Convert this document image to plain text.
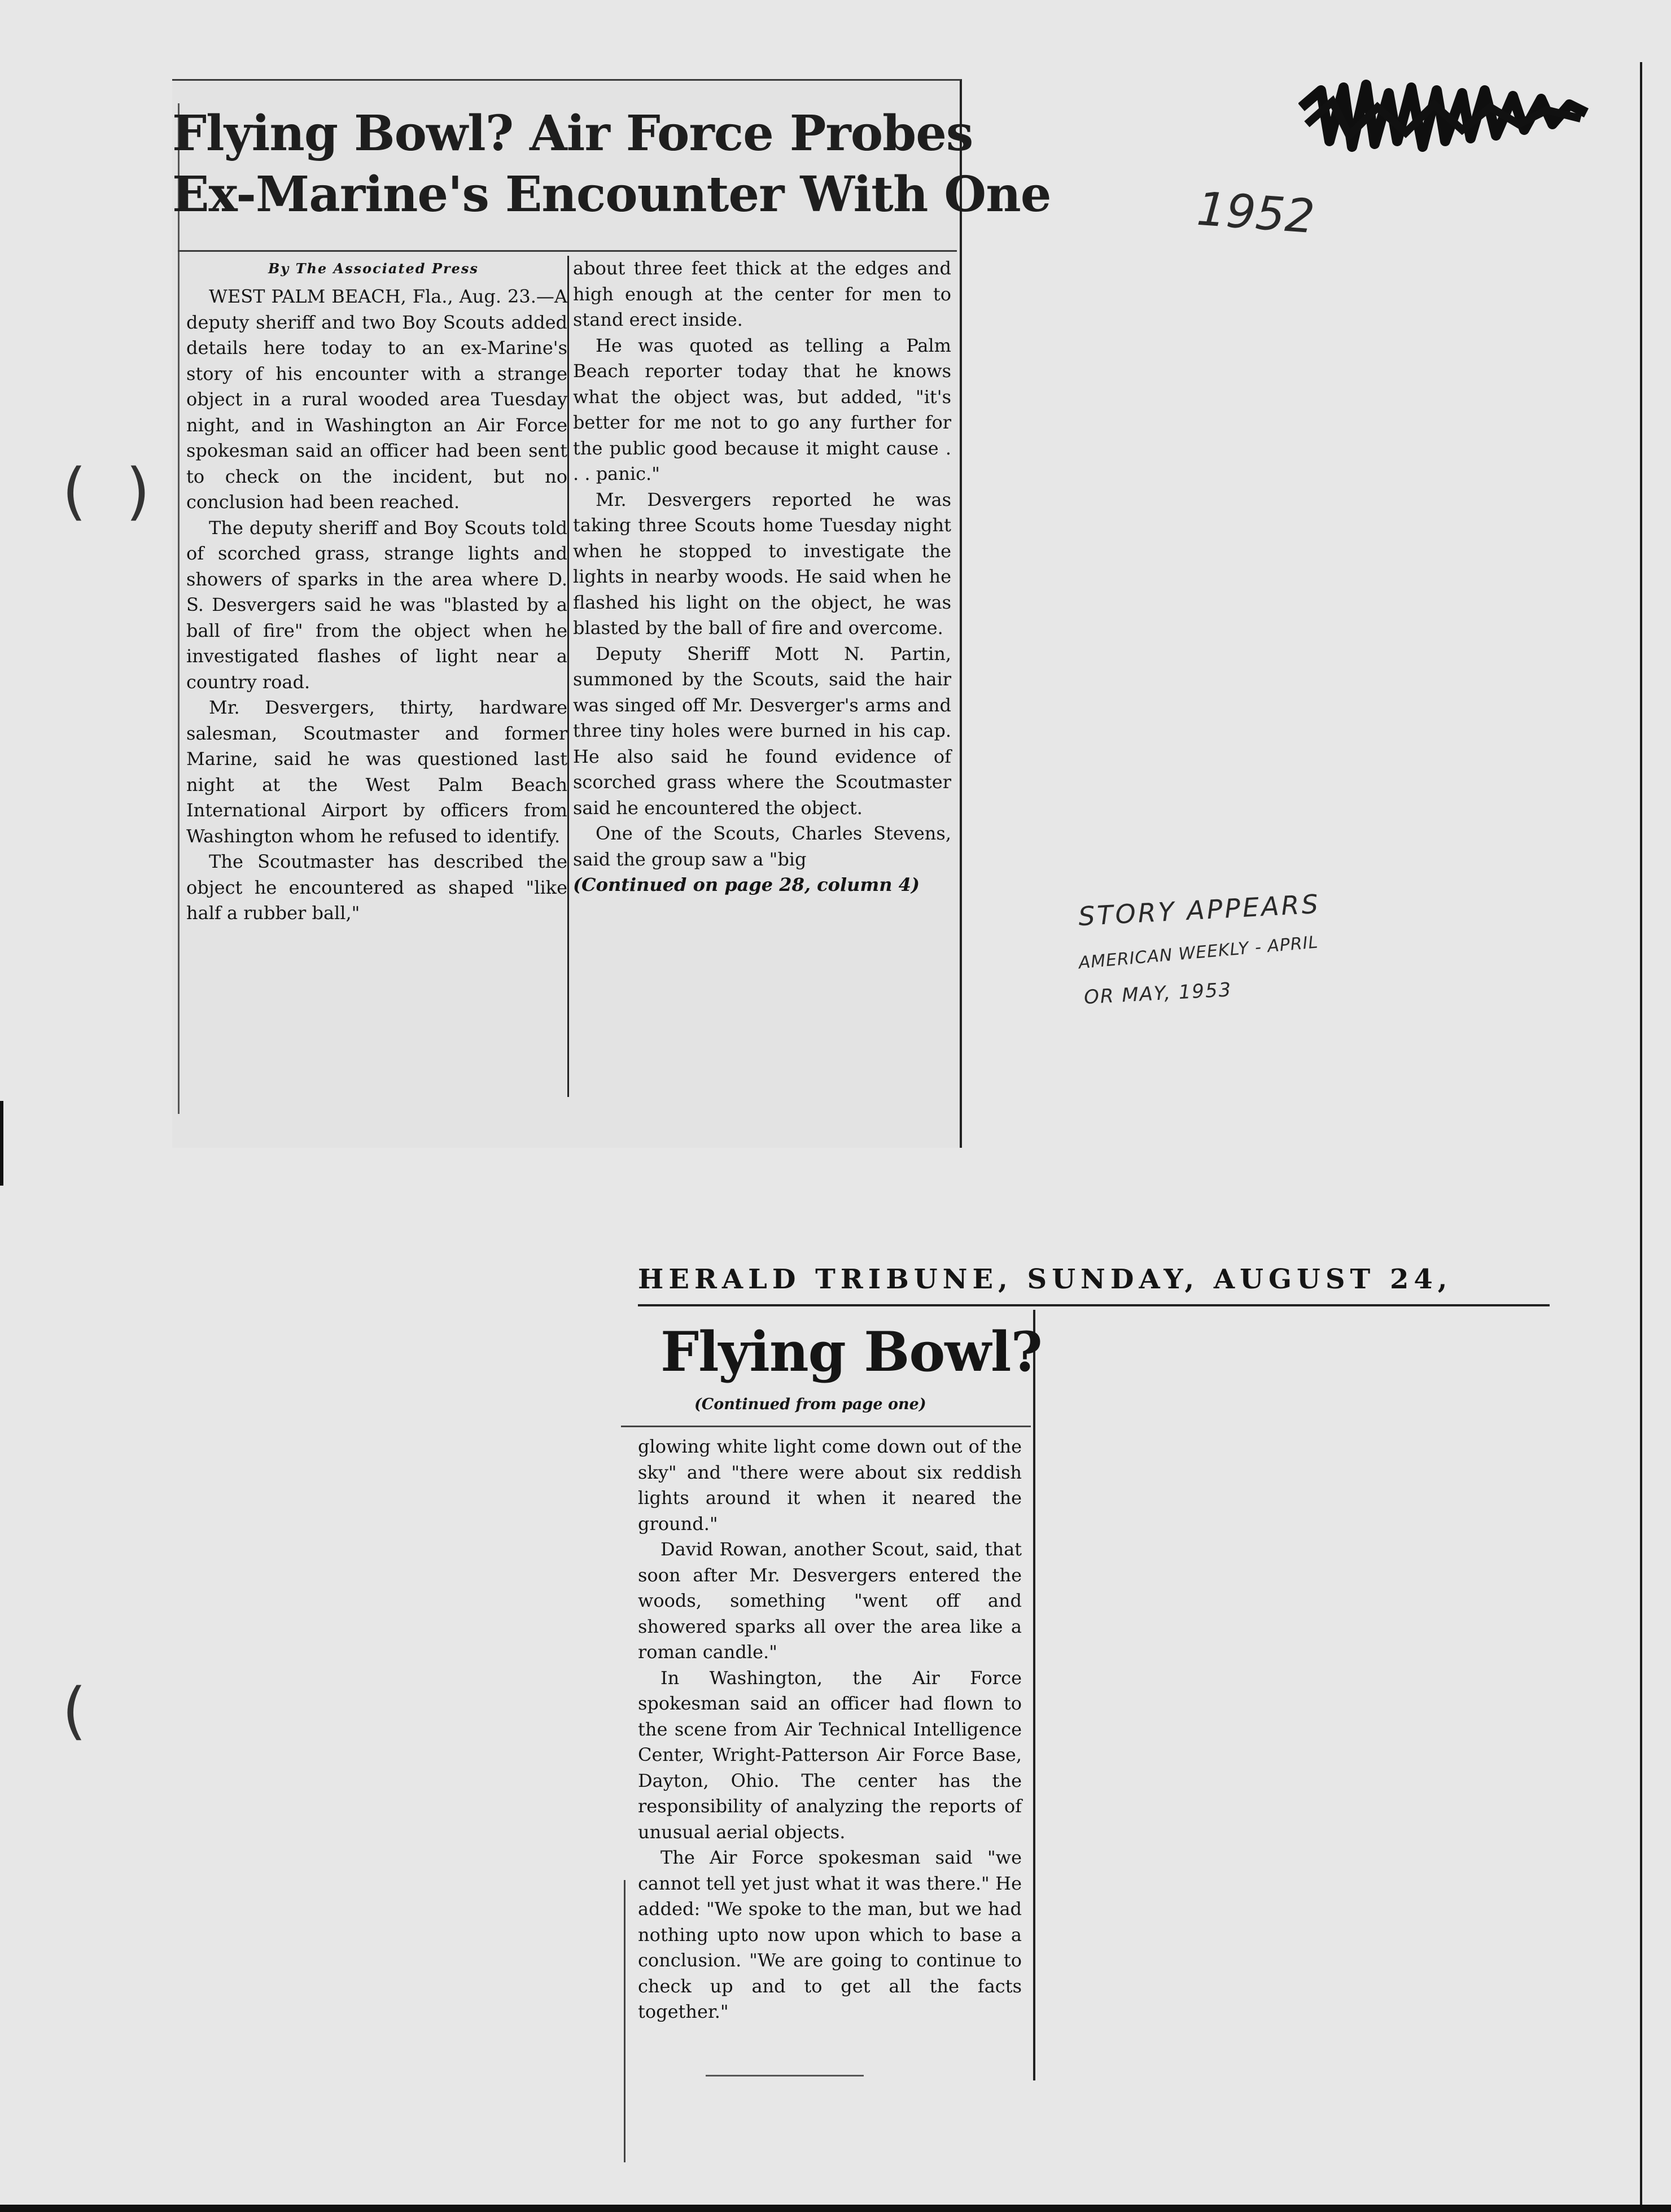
(  )
(
Flying Bowl? Air Force Probes
Ex-Marine's Encounter With One
By The Associated Press

WEST PALM BEACH, Fla., Aug. 23.—A deputy sheriff and two Boy Scouts added details here today to an ex-Marine's story of his encounter with a strange object in a rural wooded area Tuesday night, and in Washington an Air Force spokesman said an officer had been sent to check on the incident, but no conclusion had been reached.

The deputy sheriff and Boy Scouts told of scorched grass, strange lights and showers of sparks in the area where D. S. Desvergers said he was "blasted by a ball of fire" from the object when he investigated flashes of light near a country road.

Mr. Desvergers, thirty, hardware salesman, Scoutmaster and former Marine, said he was questioned last night at the West Palm Beach International Airport by officers from Washington whom he refused to identify.

The Scoutmaster has described the object he encountered as shaped "like half a rubber ball,"

about three feet thick at the edges and high enough at the center for men to stand erect inside.

He was quoted as telling a Palm Beach reporter today that he knows what the object was, but added, "it's better for me not to go any further for the public good because it might cause . . . panic."

Mr. Desvergers reported he was taking three Scouts home Tuesday night when he stopped to investigate the lights in nearby woods. He said when he flashed his light on the object, he was blasted by the ball of fire and overcome.

Deputy Sheriff Mott N. Partin, summoned by the Scouts, said the hair was singed off Mr. Desverger's arms and three tiny holes were burned in his cap. He also said he found evidence of scorched grass where the Scoutmaster said he encountered the object.

One of the Scouts, Charles Stevens, said the group saw a "big

(Continued on page 28, column 4)

1952
STORY APPEARS
AMERICAN WEEKLY - APRIL
OR MAY, 1953
HERALD TRIBUNE, SUNDAY, AUGUST 24,
Flying Bowl?
(Continued from page one)

glowing white light come down out of the sky" and "there were about six reddish lights around it when it neared the ground."

David Rowan, another Scout, said, that soon after Mr. Desvergers entered the woods, something "went off and showered sparks all over the area like a roman candle."

In Washington, the Air Force spokesman said an officer had flown to the scene from Air Technical Intelligence Center, Wright-Patterson Air Force Base, Dayton, Ohio. The center has the responsibility of analyzing the reports of unusual aerial objects.

The Air Force spokesman said "we cannot tell yet just what it was there." He added: "We spoke to the man, but we had nothing upto now upon which to base a conclusion. "We are going to continue to check up and to get all the facts together."
